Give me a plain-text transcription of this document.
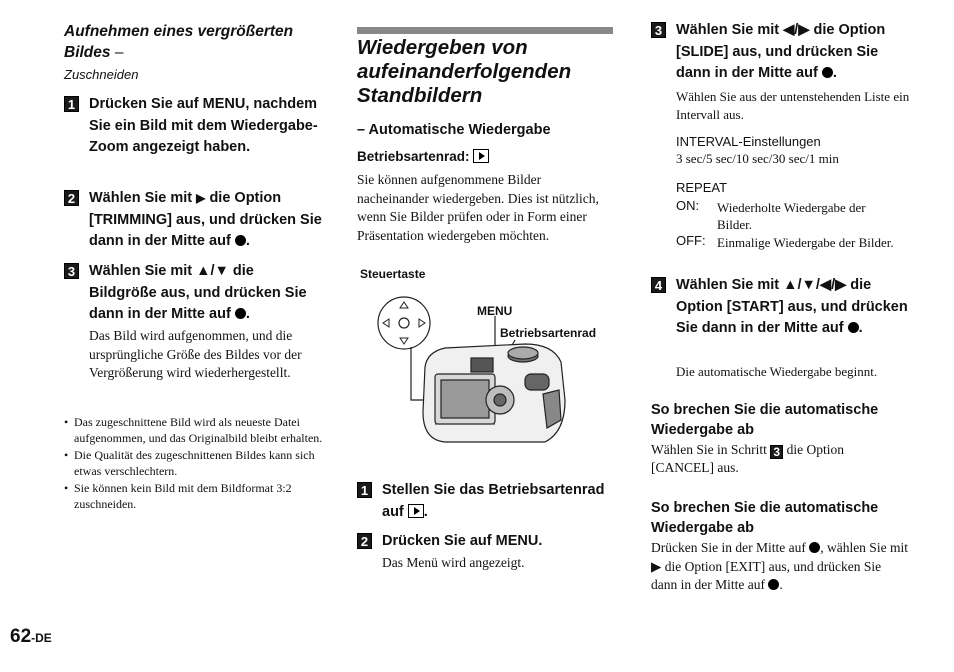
Aufnehmen eines vergrößerten Bildes –
Zuschneiden
1 Drücken Sie auf MENU, nachdem Sie ein Bild mit dem Wiedergabe-Zoom angezeigt haben.
2 Wählen Sie mit ▶ die Option [TRIMMING] aus, und drücken Sie dann in der Mitte auf .
3 Wählen Sie mit ▲/▼ die Bildgröße aus, und drücken Sie dann in der Mitte auf .
Das Bild wird aufgenommen, und die ursprüngliche Größe des Bildes vor der Vergrößerung wird wiederhergestellt.
• Das zugeschnittene Bild wird als neueste Datei aufgenommen, und das Originalbild bleibt erhalten.
• Die Qualität des zugeschnittenen Bildes kann sich etwas verschlechtern.
• Sie können kein Bild mit dem Bildformat 3:2 zuschneiden.
62-DE
Wiedergeben von aufeinanderfolgenden Standbildern
– Automatische Wiedergabe
Betriebsartenrad:
Sie können aufgenommene Bilder nacheinander wiedergeben. Dies ist nützlich, wenn Sie Bilder prüfen oder in Form einer Präsentation wiedergeben möchten.
Steuertaste
MENU
Betriebsartenrad
1 Stellen Sie das Betriebsartenrad auf .
2 Drücken Sie auf MENU.
Das Menü wird angezeigt.
3 Wählen Sie mit ◀/▶ die Option [SLIDE] aus, und drücken Sie dann in der Mitte auf .
Wählen Sie aus der untenstehenden Liste ein Intervall aus.
INTERVAL-Einstellungen
3 sec/5 sec/10 sec/30 sec/1 min
REPEAT
ON: Wiederholte Wiedergabe der Bilder.
OFF: Einmalige Wiedergabe der Bilder.
4 Wählen Sie mit ▲/▼/◀/▶ die Option [START] aus, und drücken Sie dann in der Mitte auf .
Die automatische Wiedergabe beginnt.
So brechen Sie die automatische Wiedergabe ab
Wählen Sie in Schritt 3 die Option [CANCEL] aus.
So brechen Sie die automatische Wiedergabe ab
Drücken Sie in der Mitte auf , wählen Sie mit ▶ die Option [EXIT] aus, und drücken Sie dann in der Mitte auf .
